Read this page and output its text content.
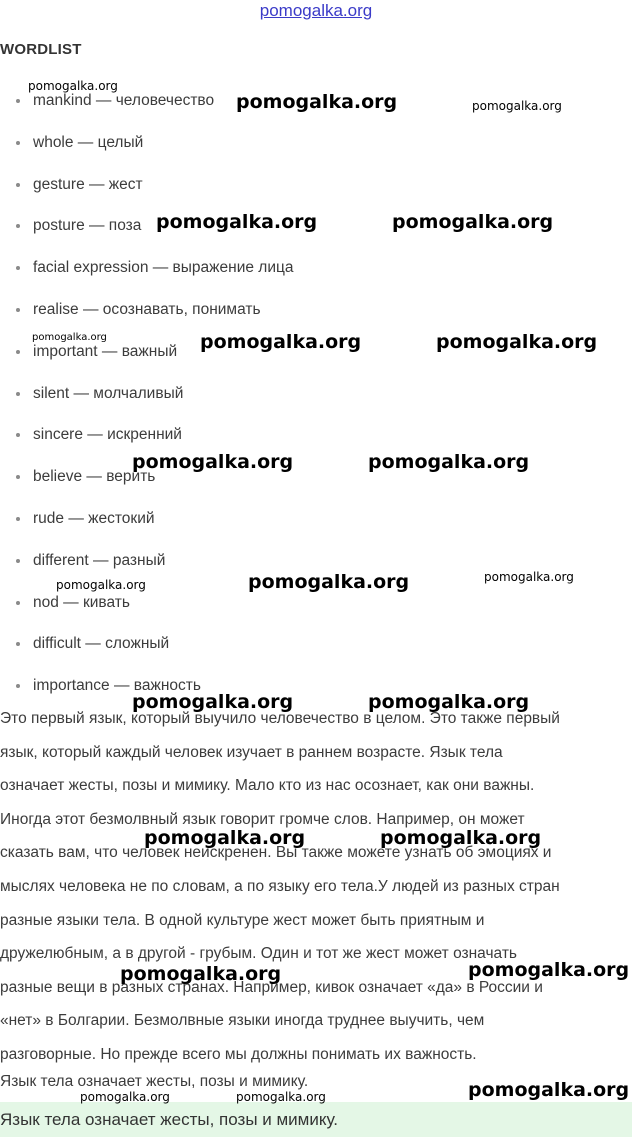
pomogalka.org
WORDLIST
mankind — человечество
whole — целый
gesture — жест
posture — поза
facial expression — выражение лица
realise — осознавать, понимать
important — важный
silent — молчаливый
sincere — искренний
believe — верить
rude — жестокий
different — разный
nod — кивать
difficult — сложный
importance — важность
Это первый язык, который выучило человечество в целом. Это также первый
язык, который каждый человек изучает в раннем возрасте. Язык тела
означает жесты, позы и мимику. Мало кто из нас осознает, как они важны.
Иногда этот безмолвный язык говорит громче слов. Например, он может
сказать вам, что человек неискренен. Вы также можете узнать об эмоциях и
мыслях человека не по словам, а по языку его тела.У людей из разных стран
разные языки тела. В одной культуре жест может быть приятным и
дружелюбным, а в другой - грубым. Один и тот же жест может означать
разные вещи в разных странах. Например, кивок означает «да» в России и
«нет» в Болгарии. Безмолвные языки иногда труднее выучить, чем
разговорные. Но прежде всего мы должны понимать их важность.
Язык тела означает жесты, позы и мимику.
Язык тела означает жесты, позы и мимику.
pomogalka.org
pomogalka.org	pomogalka.org
pomogalka.org	pomogalka.org
pomogalka.org	pomogalka.org	pomogalka.org
pomogalka.org	pomogalka.org
pomogalka.org	pomogalka.org	pomogalka.org
pomogalka.org	pomogalka.org
pomogalka.org	pomogalka.org
pomogalka.org	pomogalka.org
pomogalka.org
pomogalka.org	pomogalka.org
